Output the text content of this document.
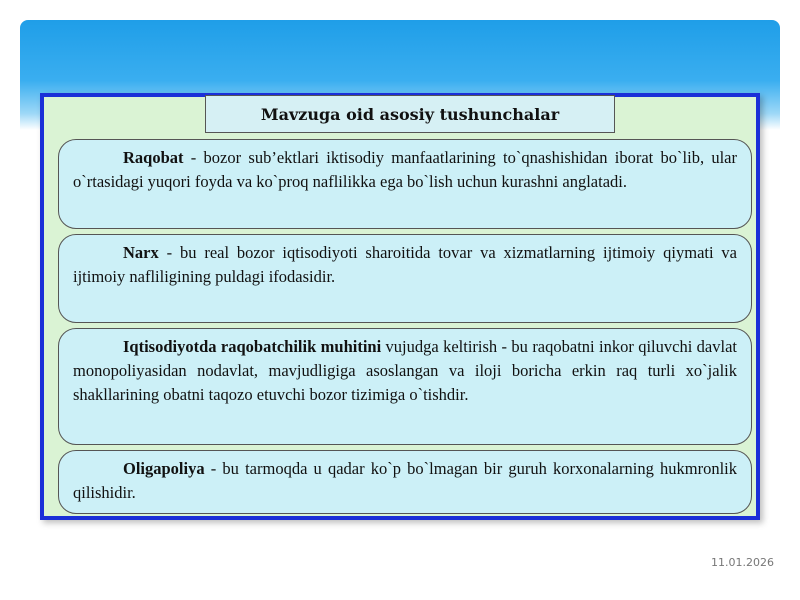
Mavzuga oid asosiy tushunchalar

Raqobat - bozor sub’ektlari iktisodiy manfaatlarining to`qnashishidan iborat bo`lib, ular o`rtasidagi yuqori foyda va ko`proq naflilikka ega bo`lish uchun kurashni anglatadi.

Narx - bu real bozor iqtisodiyoti sharoitida tovar va xizmatlarning ijtimoiy qiymati va ijtimoiy nafliligining puldagi ifodasidir.

Iqtisodiyotda raqobatchilik muhitini vujudga keltirish - bu raqobatni inkor qiluvchi davlat monopoliyasidan nodavlat, mavjudligiga asoslangan va iloji boricha erkin raq turli xo`jalik shakllarining obatni taqozo etuvchi bozor tizimiga o`tishdir.

Oligapoliya - bu tarmoqda u qadar ko`p bo`lmagan bir guruh korxonalarning hukmronlik qilishidir.

11.01.2026
